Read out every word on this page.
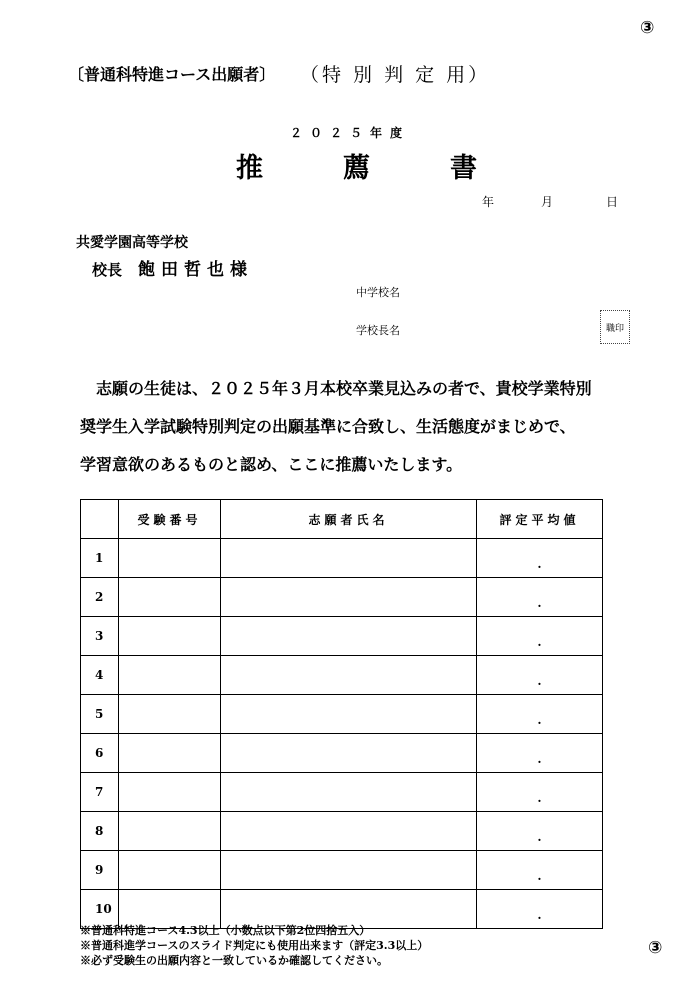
③
〔普通科特進コース出願者〕 （特 別 判 定 用）
２０２５年度
推	薦	書
年	月	日
共愛学園高等学校
校長 飽田哲也様
中学校名
学校長名	職印

　志願の生徒は、２０２５年３月本校卒業見込みの者で、貴校学業特別

奨学生入学試験特別判定の出願基準に合致し、生活態度がまじめで、

学習意欲のあるものと認め、ここに推薦いたします。

	受験番号	志願者氏名	評定平均値
1			.
2			.
3			.
4			.
5			.
6			.
7			.
8			.
9			.
10			.
※普通科特進コース4.3以上（小数点以下第2位四捨五入）
※普通科進学コースのスライド判定にも使用出来ます（評定3.3以上）
※必ず受験生の出願内容と一致しているか確認してください。
③
